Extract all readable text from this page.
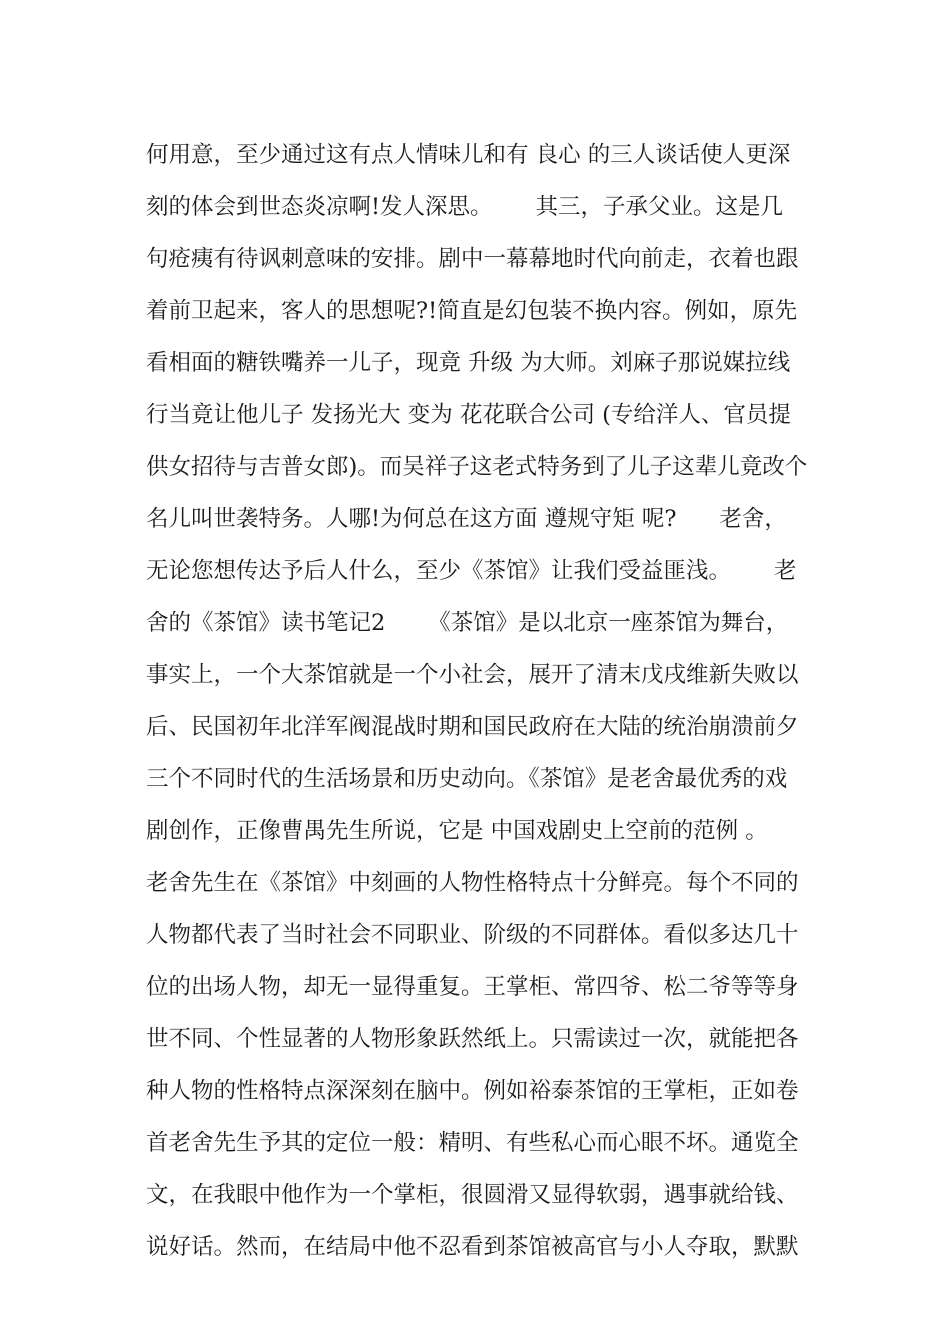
何用意，至少通过这有点人情味儿和有 良心 的三人谈话使人更深
刻的体会到世态炎凉啊!发人深思。      其三，子承父业。这是几
句疮痍有待讽刺意味的安排。剧中一幕幕地时代向前走，衣着也跟
着前卫起来，客人的思想呢?!简直是幻包装不换内容。例如，原先
看相面的糖铁嘴养一儿子，现竟 升级 为大师。刘麻子那说媒拉线
行当竟让他儿子 发扬光大 变为 花花联合公司 (专给洋人、官员提
供女招待与吉普女郎)。而吴祥子这老式特务到了儿子这辈儿竟改个
名儿叫世袭特务。人哪!为何总在这方面 遵规守矩 呢?      老舍，
无论您想传达予后人什么，至少《茶馆》让我们受益匪浅。      老
舍的《茶馆》读书笔记2      《茶馆》是以北京一座茶馆为舞台，
事实上，一个大茶馆就是一个小社会，展开了清末戊戌维新失败以
后、民国初年北洋军阀混战时期和国民政府在大陆的统治崩溃前夕
三个不同时代的生活场景和历史动向。《茶馆》是老舍最优秀的戏
剧创作，正像曹禺先生所说，它是 中国戏剧史上空前的范例 。
老舍先生在《茶馆》中刻画的人物性格特点十分鲜亮。每个不同的
人物都代表了当时社会不同职业、阶级的不同群体。看似多达几十
位的出场人物，却无一显得重复。王掌柜、常四爷、松二爷等等身
世不同、个性显著的人物形象跃然纸上。只需读过一次，就能把各
种人物的性格特点深深刻在脑中。例如裕泰茶馆的王掌柜，正如卷
首老舍先生予其的定位一般：精明、有些私心而心眼不坏。通览全
文，在我眼中他作为一个掌柜，很圆滑又显得软弱，遇事就给钱、
说好话。然而，在结局中他不忍看到茶馆被高官与小人夺取，默默
